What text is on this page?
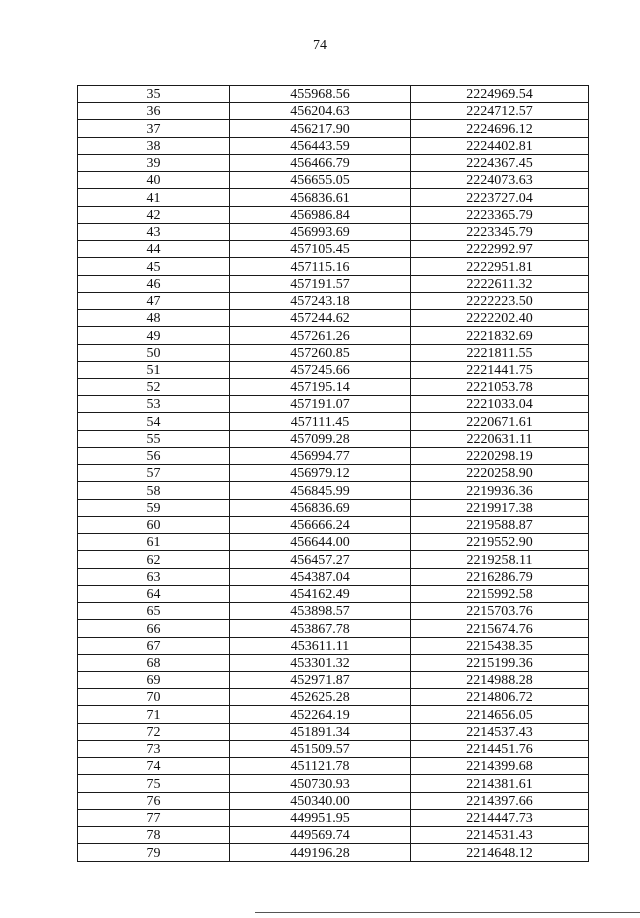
74
35	455968.56	2224969.54
36	456204.63	2224712.57
37	456217.90	2224696.12
38	456443.59	2224402.81
39	456466.79	2224367.45
40	456655.05	2224073.63
41	456836.61	2223727.04
42	456986.84	2223365.79
43	456993.69	2223345.79
44	457105.45	2222992.97
45	457115.16	2222951.81
46	457191.57	2222611.32
47	457243.18	2222223.50
48	457244.62	2222202.40
49	457261.26	2221832.69
50	457260.85	2221811.55
51	457245.66	2221441.75
52	457195.14	2221053.78
53	457191.07	2221033.04
54	457111.45	2220671.61
55	457099.28	2220631.11
56	456994.77	2220298.19
57	456979.12	2220258.90
58	456845.99	2219936.36
59	456836.69	2219917.38
60	456666.24	2219588.87
61	456644.00	2219552.90
62	456457.27	2219258.11
63	454387.04	2216286.79
64	454162.49	2215992.58
65	453898.57	2215703.76
66	453867.78	2215674.76
67	453611.11	2215438.35
68	453301.32	2215199.36
69	452971.87	2214988.28
70	452625.28	2214806.72
71	452264.19	2214656.05
72	451891.34	2214537.43
73	451509.57	2214451.76
74	451121.78	2214399.68
75	450730.93	2214381.61
76	450340.00	2214397.66
77	449951.95	2214447.73
78	449569.74	2214531.43
79	449196.28	2214648.12
